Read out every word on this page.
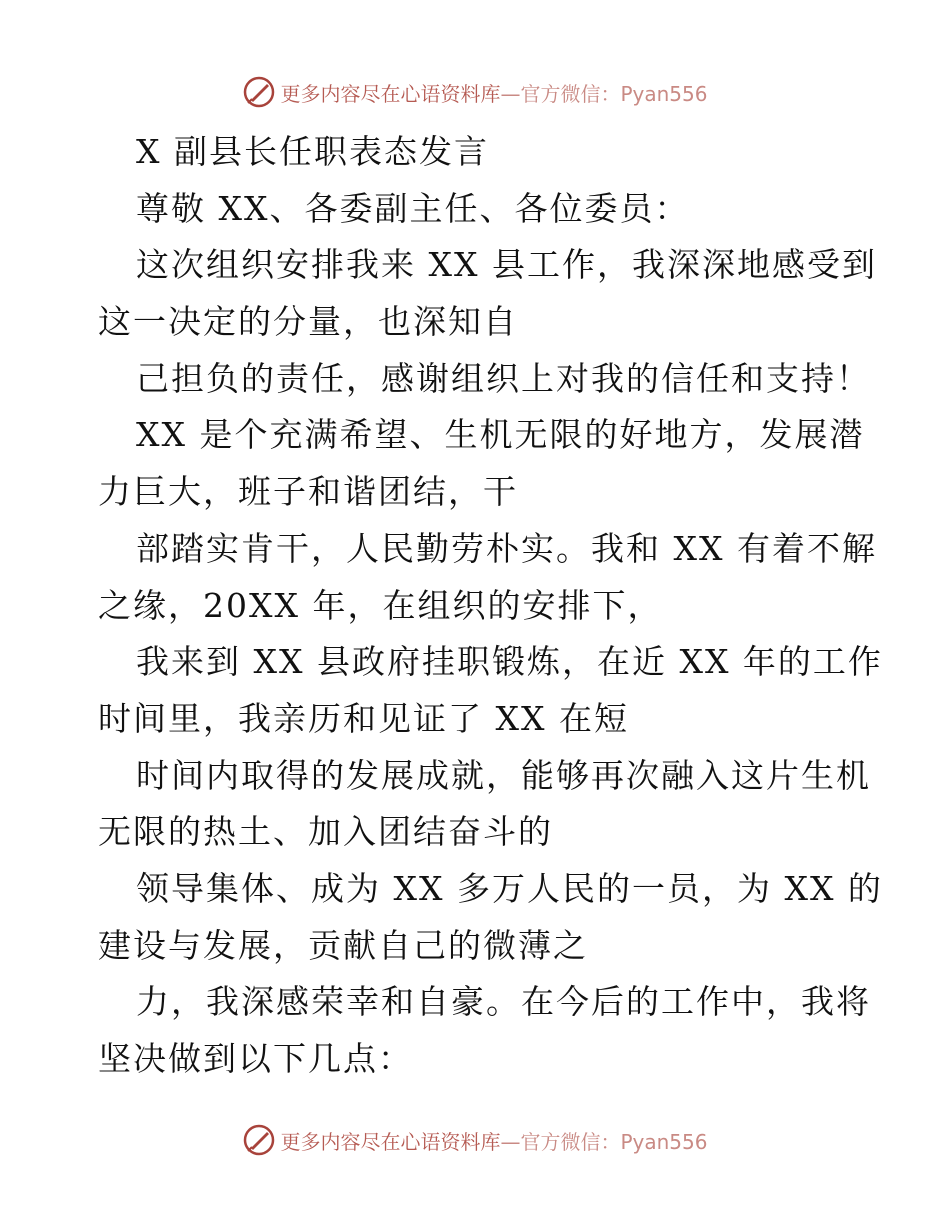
更多内容尽在心语资料库 —官方微信：Pyan556
X 副县长任职表态发言
尊敬 XX、各委副主任、各位委员：
这次组织安排我来 XX 县工作，我深深地感受到
这一决定的分量，也深知自
己担负的责任，感谢组织上对我的信任和支持！
XX 是个充满希望、生机无限的好地方，发展潜
力巨大，班子和谐团结，干
部踏实肯干，人民勤劳朴实。我和 XX 有着不解
之缘，20XX 年，在组织的安排下，
我来到 XX 县政府挂职锻炼，在近 XX 年的工作
时间里，我亲历和见证了 XX 在短
时间内取得的发展成就，能够再次融入这片生机
无限的热土、加入团结奋斗的
领导集体、成为 XX 多万人民的一员，为 XX 的
建设与发展，贡献自己的微薄之
力，我深感荣幸和自豪。在今后的工作中，我将
坚决做到以下几点：
更多内容尽在心语资料库 —官方微信：Pyan556
